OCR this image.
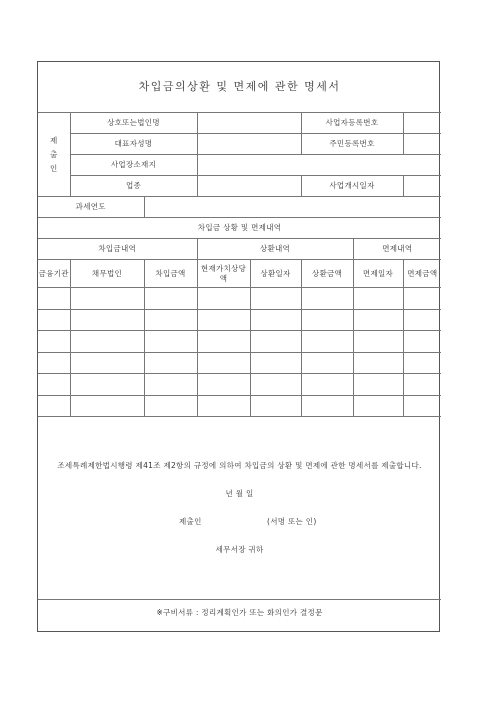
차입금의상환 및 면제에 관한 명세서							

제
출
인	상호또는법인명				사업자등록번호		
	대표자성명				주민등록번호		
	사업장소재지						
	업종				사업개시일자		
과세연도							
차입금 상황 및 면제내역							
차입금내역			상환내역			면제내역	
금융기관	채무법인	차입금액	현재가치상당액	상환일자	상환금액	면제일자	면제금액

조세특례제한법시행령 제41조 제2항의 규정에 의하여 차입금의 상환 및 면제에 관한 명세서를 제출합니다.
년 월 일
제출인 (서명 또는 인)
세무서장 귀하							

※구비서류 : 정리계획인가 또는 화의인가 결정문							
